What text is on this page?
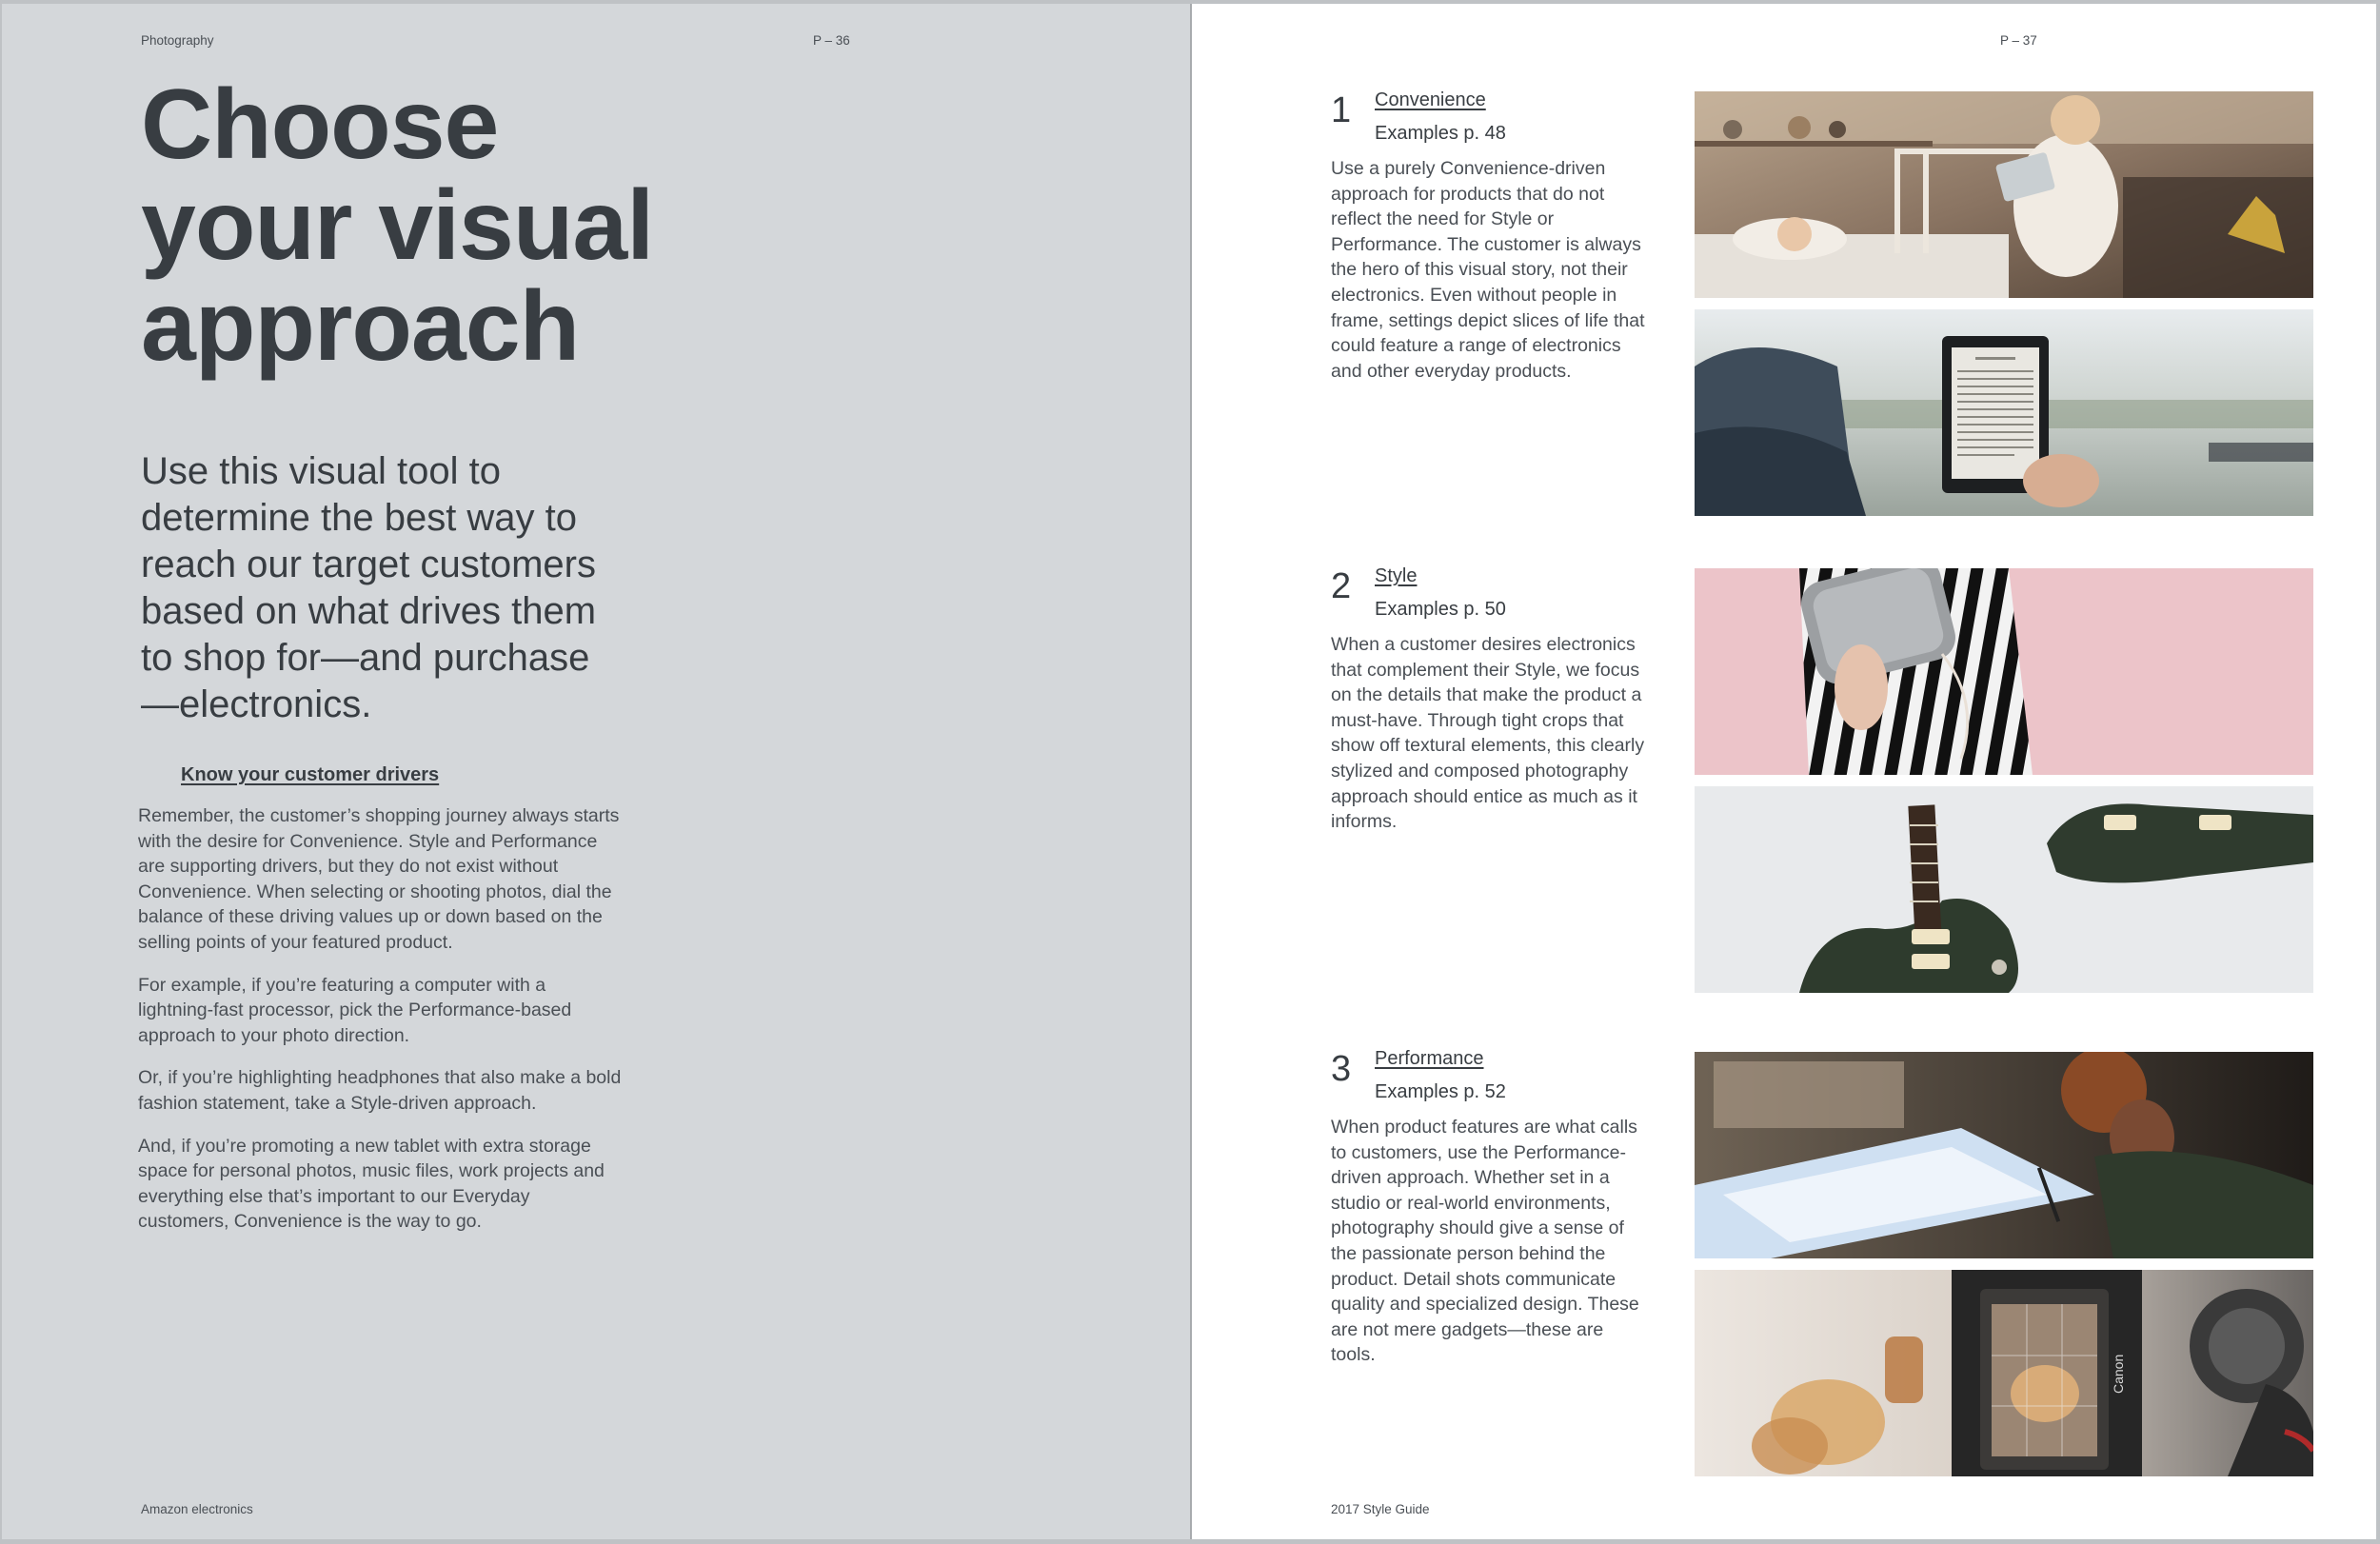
Photography	P – 36
Choose
your visual
approach

Use this visual tool to
determine the best way to
reach our target customers
based on what drives them
to shop for—and purchase
—electronics.

Know your customer drivers

Remember, the customer’s shopping journey always starts with the desire for Convenience. Style and Performance are supporting drivers, but they do not exist without Convenience. When selecting or shooting photos, dial the balance of these driving values up or down based on the selling points of your featured product.

For example, if you’re featuring a computer with a lightning-fast processor, pick the Performance-based approach to your photo direction.

Or, if you’re highlighting headphones that also make a bold fashion statement, take a Style-driven approach.

And, if you’re promoting a new tablet with extra storage space for personal photos, music files, work projects and everything else that’s important to our Everyday customers, Convenience is the way to go.

Amazon electronics
P – 37
1 Convenience
Examples p. 48

Use a purely Convenience-driven approach for products that do not reflect the need for Style or Performance. The customer is always the hero of this visual story, not their electronics. Even without people in frame, settings depict slices of life that could feature a range of electronics and other everyday products.

2 Style
Examples p. 50

When a customer desires electronics that complement their Style, we focus on the details that make the product a must-have. Through tight crops that show off textural elements, this clearly stylized and composed photography approach should entice as much as it informs.

3 Performance
Examples p. 52

When product features are what calls to customers, use the Performance-driven approach. Whether set in a studio or real-world environments, photography should give a sense of the passionate person behind the product. Detail shots communicate quality and specialized design. These are not mere gadgets—these are tools.	Canon
2017 Style Guide
